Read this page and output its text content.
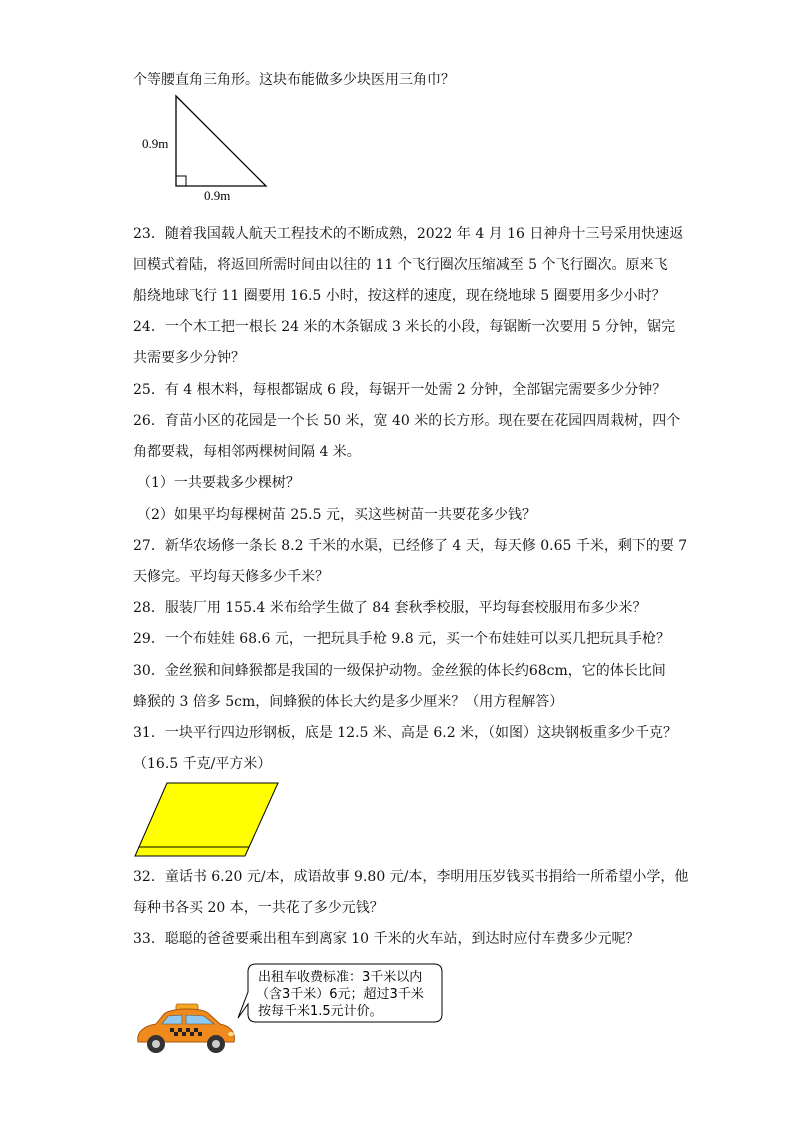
个等腰直角三角形。这块布能做多少块医用三角巾？
0.9m
0.9m
23．随着我国载人航天工程技术的不断成熟，2022 年 4 月 16 日神舟十三号采用快速返
回模式着陆，将返回所需时间由以往的 11 个飞行圈次压缩减至 5 个飞行圈次。原来飞
船绕地球飞行 11 圈要用 16.5 小时，按这样的速度，现在绕地球 5 圈要用多少小时？
24．一个木工把一根长 24 米的木条锯成 3 米长的小段，每锯断一次要用 5 分钟，锯完
共需要多少分钟？
25．有 4 根木料，每根都锯成 6 段，每锯开一处需 2 分钟，全部锯完需要多少分钟？
26．育苗小区的花园是一个长 50 米，宽 40 米的长方形。现在要在花园四周栽树，四个
角都要栽，每相邻两棵树间隔 4 米。
（1）一共要栽多少棵树？
（2）如果平均每棵树苗 25.5 元，买这些树苗一共要花多少钱？
27．新华农场修一条长 8.2 千米的水渠，已经修了 4 天，每天修 0.65 千米，剩下的要 7
天修完。平均每天修多少千米？
28．服装厂用 155.4 米布给学生做了 84 套秋季校服，平均每套校服用布多少米？
29．一个布娃娃 68.6 元，一把玩具手枪 9.8 元，买一个布娃娃可以买几把玩具手枪？
30．金丝猴和间蜂猴都是我国的一级保护动物。金丝猴的体长约68cm，它的体长比间
蜂猴的 3 倍多 5cm，间蜂猴的体长大约是多少厘米？（用方程解答）
31．一块平行四边形钢板，底是 12.5 米、高是 6.2 米，（如图）这块钢板重多少千克？
（16.5 千克/平方米）
32．童话书 6.20 元/本，成语故事 9.80 元/本，李明用压岁钱买书捐给一所希望小学，他
每种书各买 20 本，一共花了多少元钱？
33．聪聪的爸爸要乘出租车到离家 10 千米的火车站，到达时应付车费多少元呢？
出租车收费标准：3千米以内
（含3千米）6元；超过3千米
按每千米1.5元计价。
